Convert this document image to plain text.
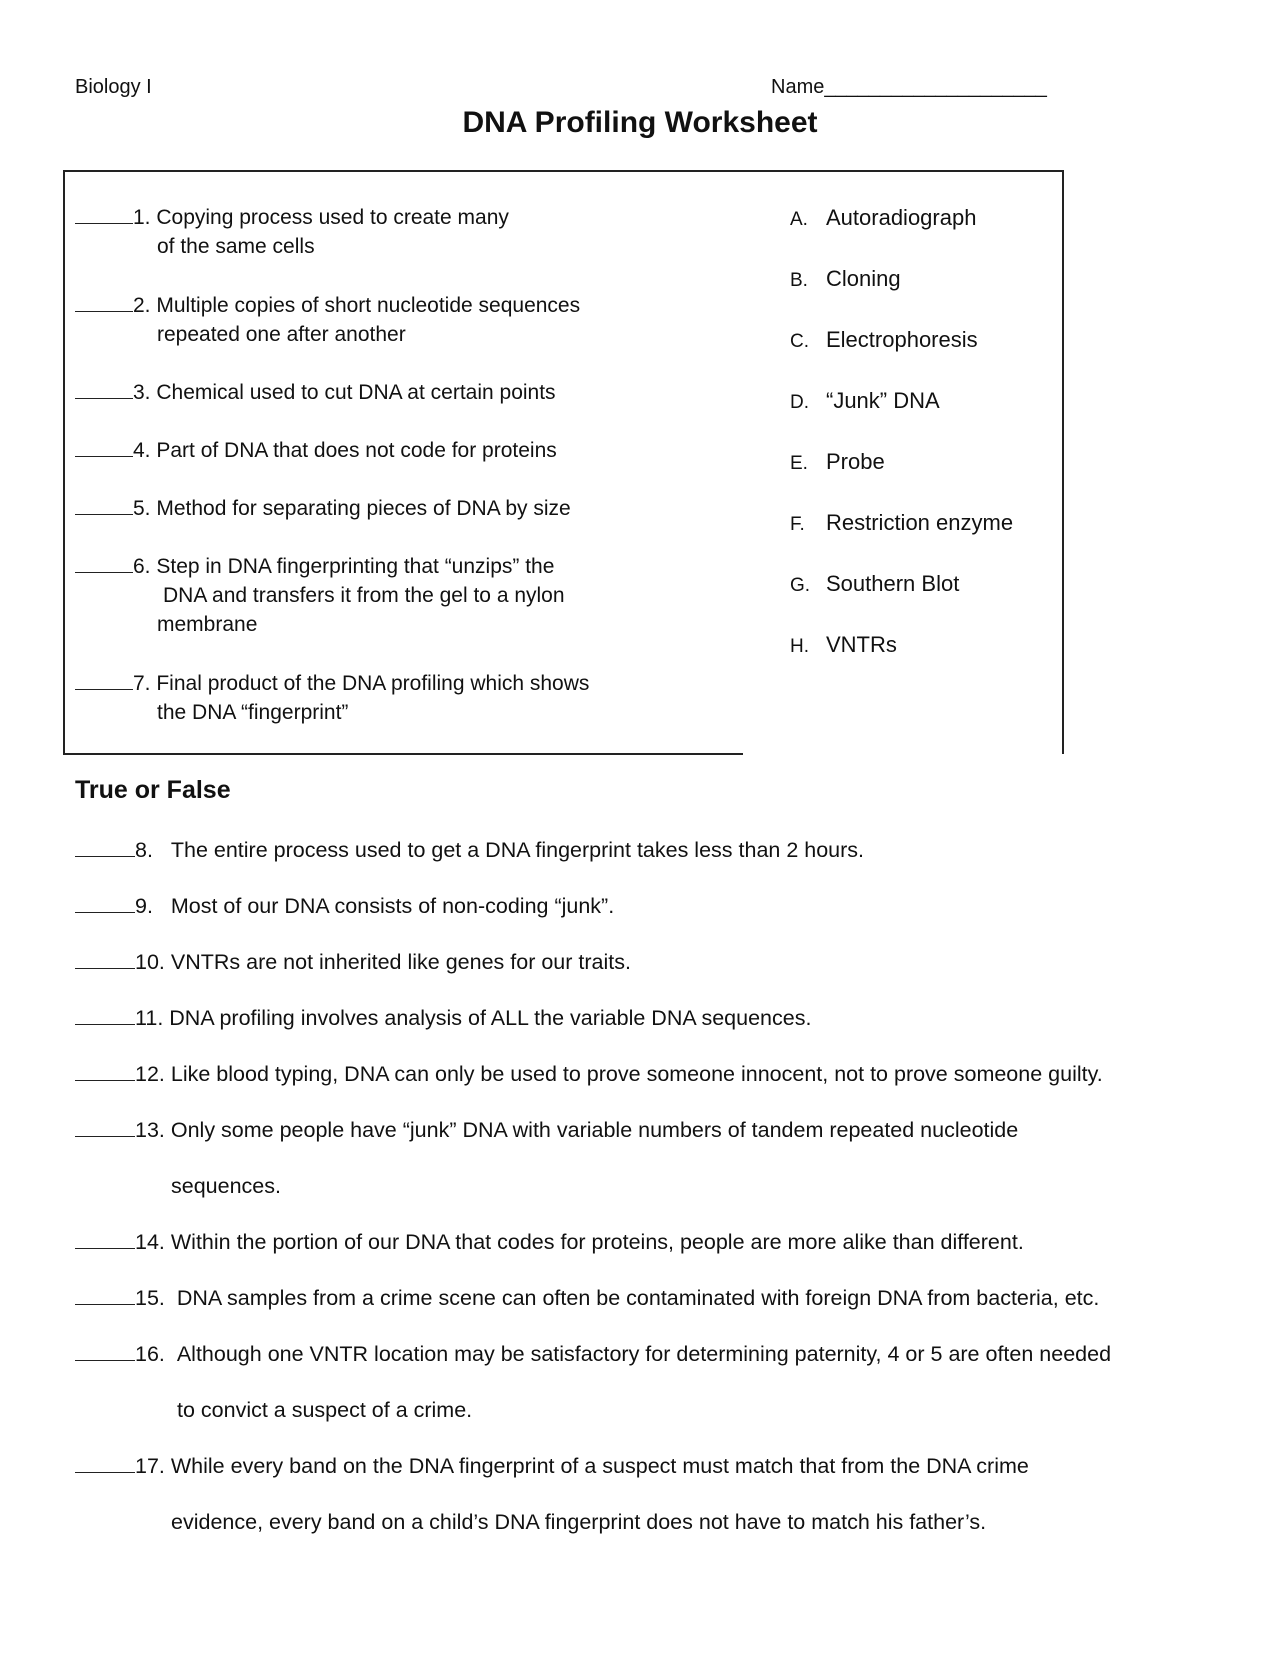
Biology I	Name____________________
DNA Profiling Worksheet
1. Copying process used to create many
of the same cells
2. Multiple copies of short nucleotide sequences
repeated one after another
3. Chemical used to cut DNA at certain points
4. Part of DNA that does not code for proteins
5. Method for separating pieces of DNA by size
6. Step in DNA fingerprinting that “unzips” the
DNA and transfers it from the gel to a nylon
membrane
7. Final product of the DNA profiling which shows
the DNA “fingerprint”
A. Autoradiograph
B. Cloning
C. Electrophoresis
D. “Junk” DNA
E. Probe
F. Restriction enzyme
G. Southern Blot
H. VNTRs
True or False
8. The entire process used to get a DNA fingerprint takes less than 2 hours.
9. Most of our DNA consists of non-coding “junk”.
10. VNTRs are not inherited like genes for our traits.
11. DNA profiling involves analysis of ALL the variable DNA sequences.
12. Like blood typing, DNA can only be used to prove someone innocent, not to prove someone guilty.
13. Only some people have “junk” DNA with variable numbers of tandem repeated nucleotide
sequences.
14. Within the portion of our DNA that codes for proteins, people are more alike than different.
15. DNA samples from a crime scene can often be contaminated with foreign DNA from bacteria, etc.
16. Although one VNTR location may be satisfactory for determining paternity, 4 or 5 are often needed
to convict a suspect of a crime.
17. While every band on the DNA fingerprint of a suspect must match that from the DNA crime
evidence, every band on a child’s DNA fingerprint does not have to match his father’s.
